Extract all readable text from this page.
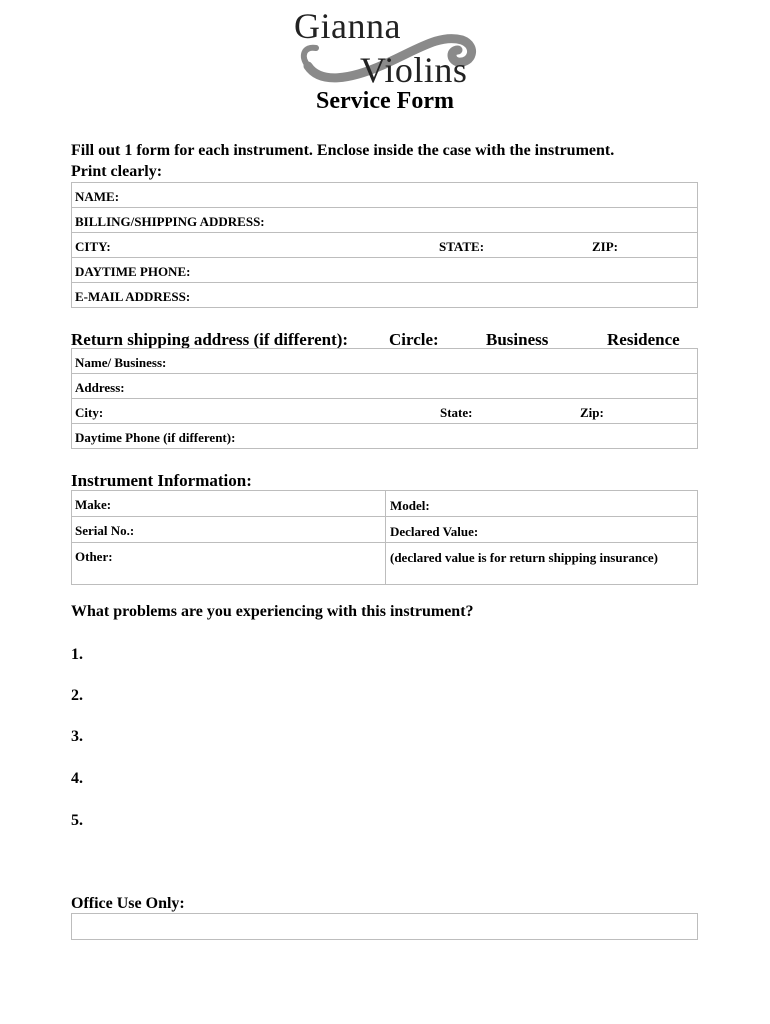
Gianna
Violins
Service Form
Fill out 1 form for each instrument. Enclose inside the case with the instrument.
Print clearly:
NAME:
BILLING/SHIPPING ADDRESS:
CITY:	STATE:	ZIP:
DAYTIME PHONE:
E-MAIL ADDRESS:
Return shipping address (if different): Circle:	Business	Residence
Name/ Business:
Address:
City:	State:	Zip:
Daytime Phone (if different):
Instrument Information:
Make:	Model:
Serial No.:	Declared Value:
Other:	(declared value is for return shipping insurance)
What problems are you experiencing with this instrument?
1.
2.
3.
4.
5.
Office Use Only:
